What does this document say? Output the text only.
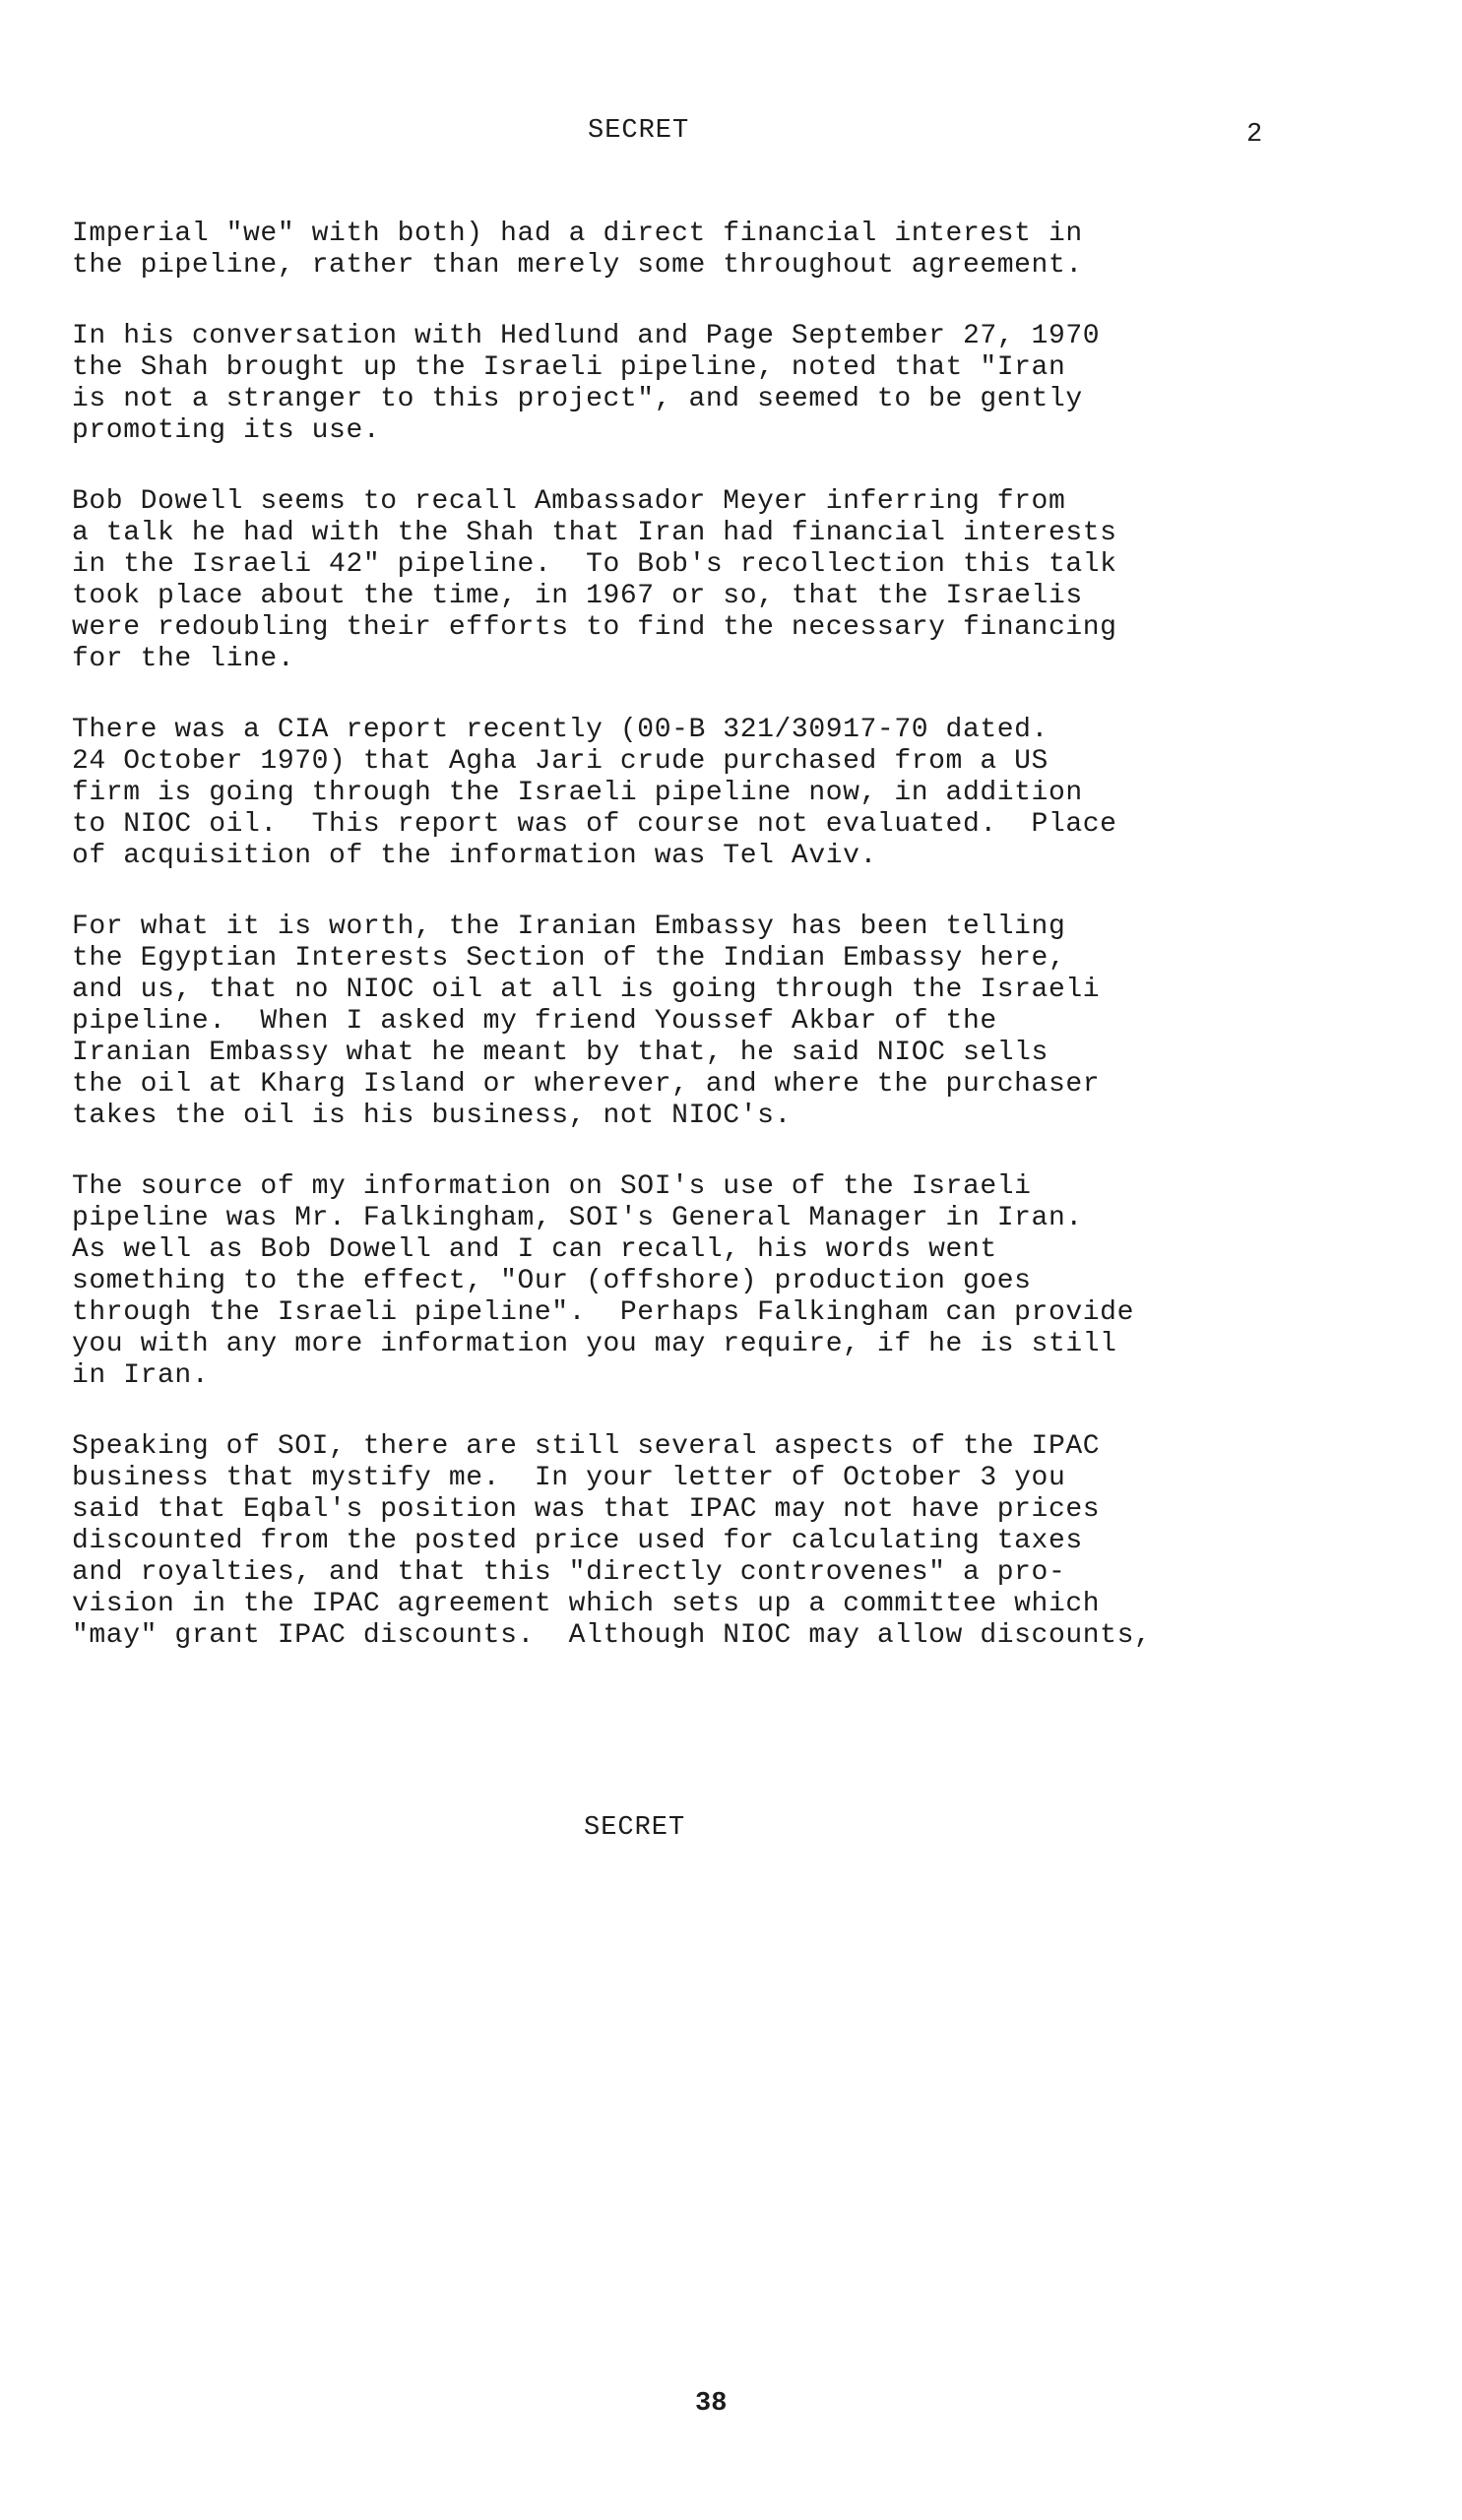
SECRET	2
Imperial "we" with both) had a direct financial interest in
the pipeline, rather than merely some throughout agreement.
In his conversation with Hedlund and Page September 27, 1970
the Shah brought up the Israeli pipeline, noted that "Iran
is not a stranger to this project", and seemed to be gently
promoting its use.
Bob Dowell seems to recall Ambassador Meyer inferring from
a talk he had with the Shah that Iran had financial interests
in the Israeli 42" pipeline.  To Bob's recollection this talk
took place about the time, in 1967 or so, that the Israelis
were redoubling their efforts to find the necessary financing
for the line.
There was a CIA report recently (00-B 321/30917-70 dated.
24 October 1970) that Agha Jari crude purchased from a US
firm is going through the Israeli pipeline now, in addition
to NIOC oil.  This report was of course not evaluated.  Place
of acquisition of the information was Tel Aviv.
For what it is worth, the Iranian Embassy has been telling
the Egyptian Interests Section of the Indian Embassy here,
and us, that no NIOC oil at all is going through the Israeli
pipeline.  When I asked my friend Youssef Akbar of the
Iranian Embassy what he meant by that, he said NIOC sells
the oil at Kharg Island or wherever, and where the purchaser
takes the oil is his business, not NIOC's.
The source of my information on SOI's use of the Israeli
pipeline was Mr. Falkingham, SOI's General Manager in Iran.
As well as Bob Dowell and I can recall, his words went
something to the effect, "Our (offshore) production goes
through the Israeli pipeline".  Perhaps Falkingham can provide
you with any more information you may require, if he is still
in Iran.
Speaking of SOI, there are still several aspects of the IPAC
business that mystify me.  In your letter of October 3 you
said that Eqbal's position was that IPAC may not have prices
discounted from the posted price used for calculating taxes
and royalties, and that this "directly controvenes" a pro-
vision in the IPAC agreement which sets up a committee which
"may" grant IPAC discounts.  Although NIOC may allow discounts,
SECRET
38
